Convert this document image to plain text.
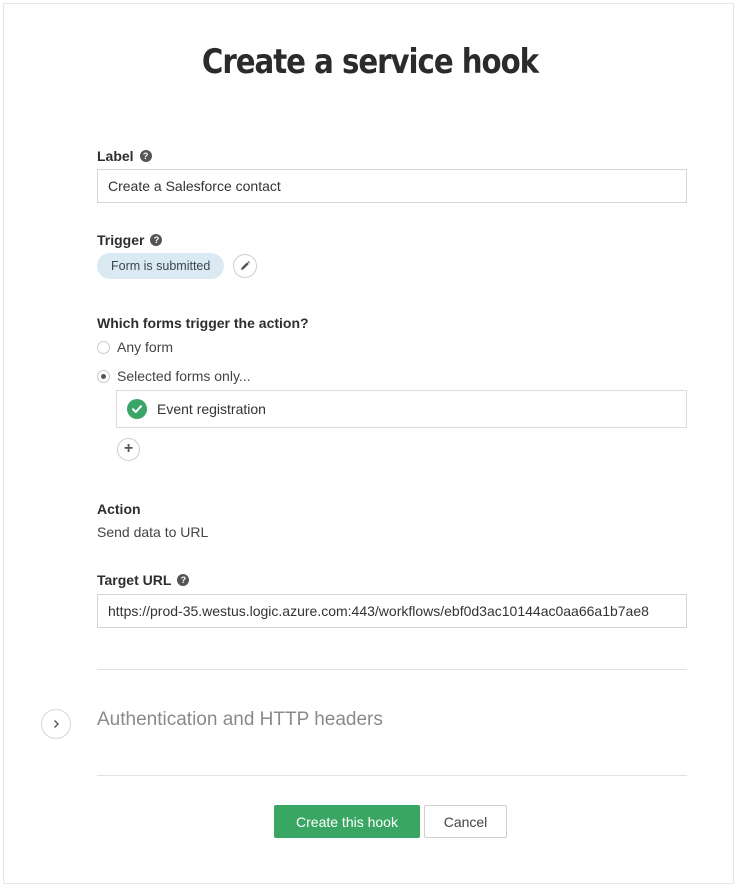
Create a service hook
Label	?
Create a Salesforce contact
Trigger	?
Form is submitted
Which forms trigger the action?
Any form
Selected forms only...
Event registration
+
Action
Send data to URL
Target URL	?
https://prod-35.westus.logic.azure.com:443/workflows/ebf0d3ac10144ac0aa66a1b7ae8
Authentication and HTTP headers
Create this hook	Cancel
